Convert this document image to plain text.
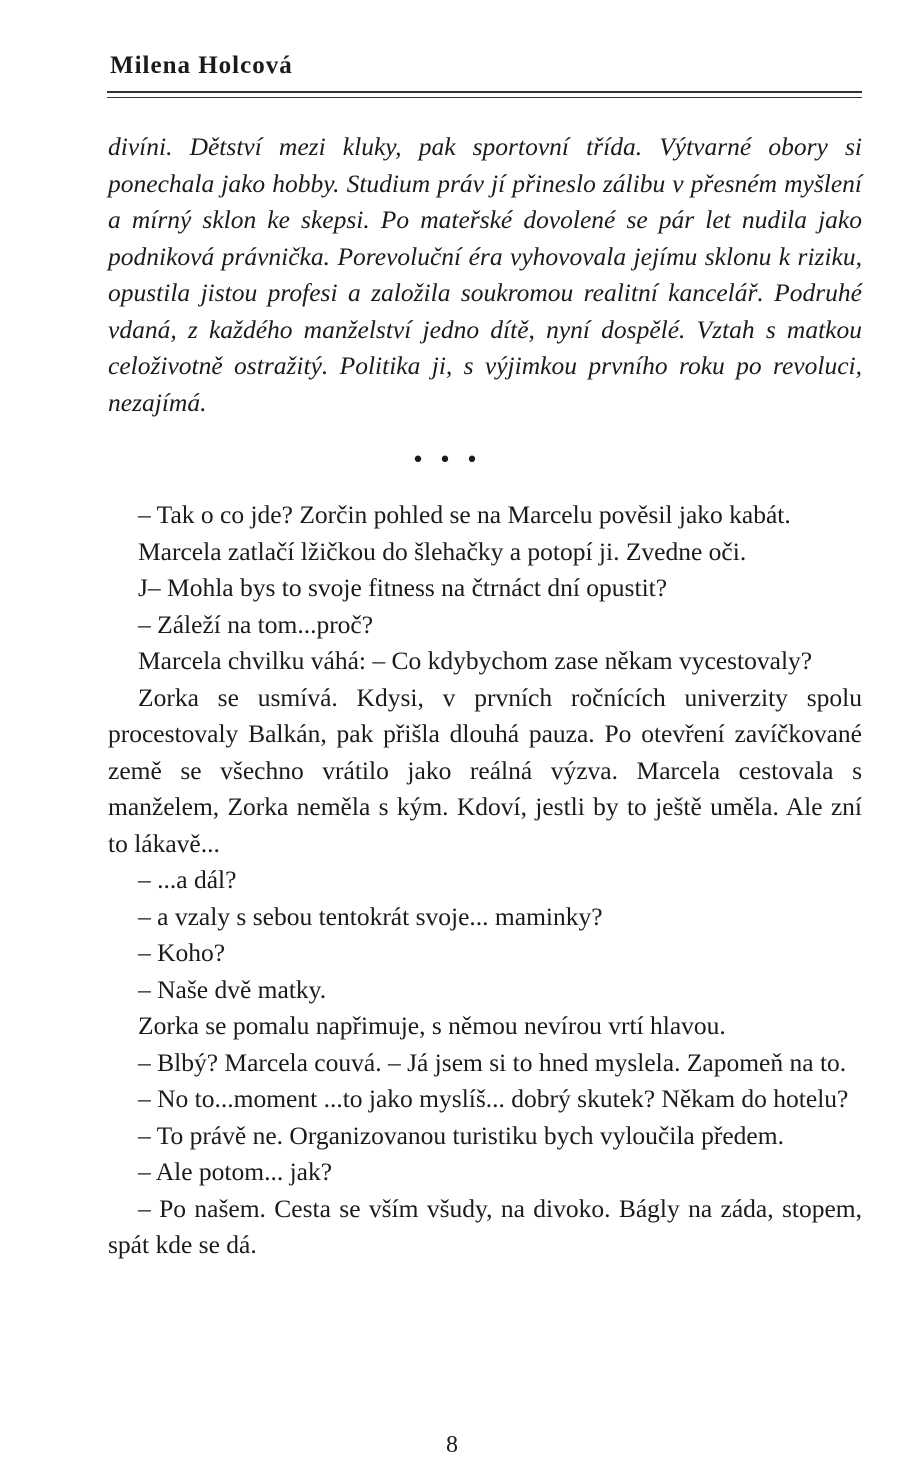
Milena Holcová

divíni. Dětství mezi kluky, pak sportovní třída. Výtvarné obory si ponechala jako hobby. Studium práv jí přineslo zálibu v přesném myšlení a mírný sklon ke skepsi. Po mateřské dovolené se pár let nudila jako podniková právnička. Porevoluční éra vyhovovala jejímu sklonu k riziku, opustila jistou profesi a založila soukromou realitní kancelář. Podruhé vdaná, z každého manželství jedno dítě, nyní dospělé. Vztah s matkou celoživotně ostražitý. Politika ji, s výjimkou prvního roku po revoluci, nezajímá.

•••

– Tak o co jde? Zorčin pohled se na Marcelu pověsil jako kabát.

Marcela zatlačí lžičkou do šlehačky a potopí ji. Zvedne oči.

J– Mohla bys to svoje fitness na čtrnáct dní opustit?

– Záleží na tom...proč?

Marcela chvilku váhá: – Co kdybychom zase někam vycestovaly?

Zorka se usmívá. Kdysi, v prvních ročnících univerzity spolu procestovaly Balkán, pak přišla dlouhá pauza. Po otevření zavíčkované země se všechno vrátilo jako reálná výzva. Marcela cestovala s manželem, Zorka neměla s kým. Kdoví, jestli by to ještě uměla. Ale zní to lákavě...

– ...a dál?

– a vzaly s sebou tentokrát svoje... maminky?

– Koho?

– Naše dvě matky.

Zorka se pomalu napřimuje, s němou nevírou vrtí hlavou.

– Blbý? Marcela couvá. – Já jsem si to hned myslela. Zapomeň na to.

– No to...moment ...to jako myslíš... dobrý skutek? Někam do hotelu?

– To právě ne. Organizovanou turistiku bych vyloučila předem.

– Ale potom... jak?

– Po našem. Cesta se vším všudy, na divoko. Bágly na záda, stopem, spát kde se dá.

8
